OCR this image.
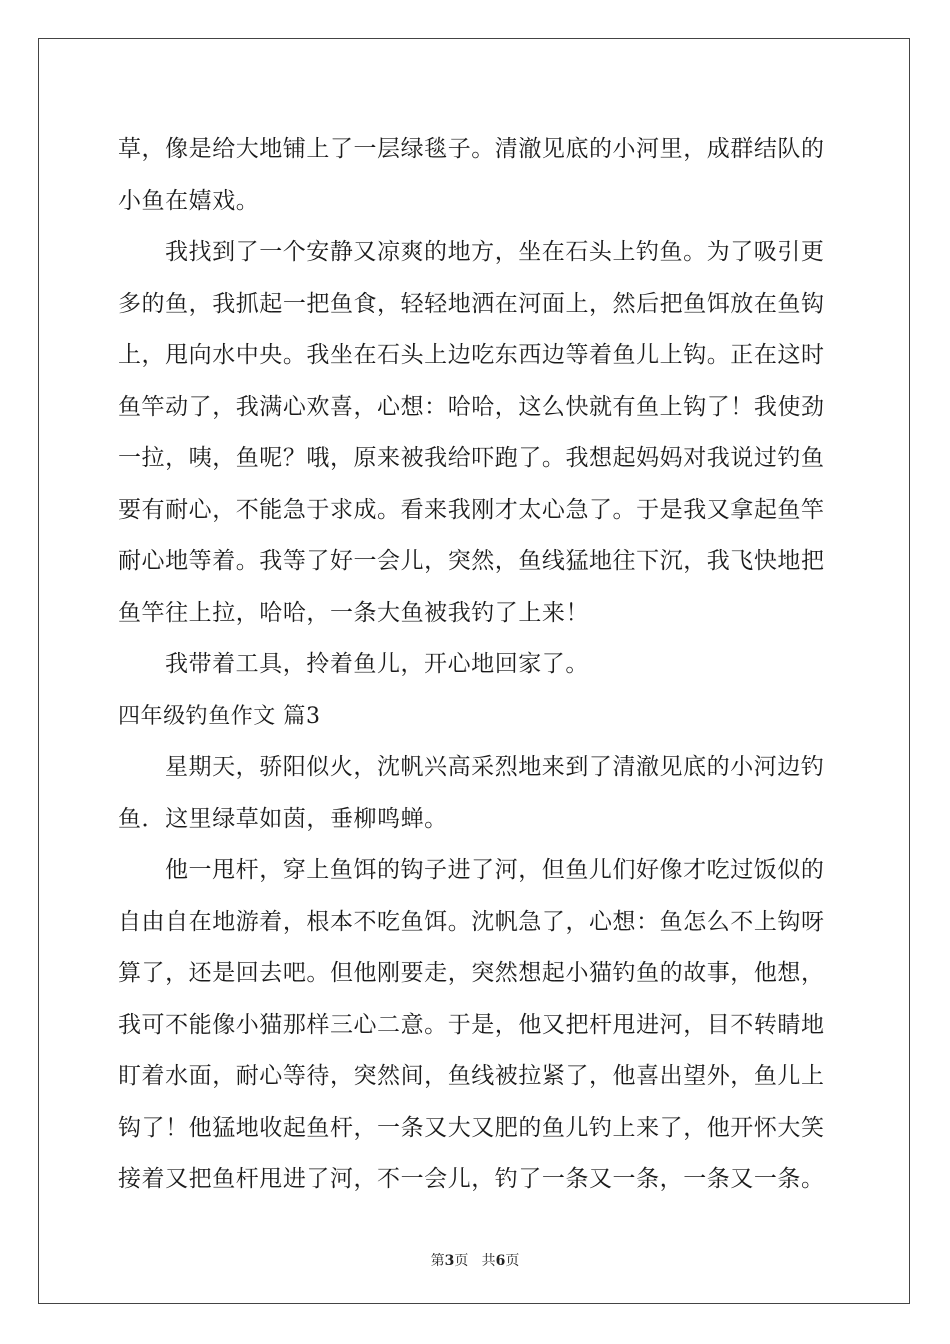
草，像是给大地铺上了一层绿毯子。清澈见底的小河里，成群结队的
小鱼在嬉戏。
我找到了一个安静又凉爽的地方，坐在石头上钓鱼。为了吸引更
多的鱼，我抓起一把鱼食，轻轻地洒在河面上，然后把鱼饵放在鱼钩
上，甩向水中央。我坐在石头上边吃东西边等着鱼儿上钩。正在这时
鱼竿动了，我满心欢喜，心想：哈哈，这么快就有鱼上钩了！我使劲
一拉，咦，鱼呢？哦，原来被我给吓跑了。我想起妈妈对我说过钓鱼
要有耐心，不能急于求成。看来我刚才太心急了。于是我又拿起鱼竿
耐心地等着。我等了好一会儿，突然，鱼线猛地往下沉，我飞快地把
鱼竿往上拉，哈哈，一条大鱼被我钓了上来！
我带着工具，拎着鱼儿，开心地回家了。
四年级钓鱼作文 篇3
星期天，骄阳似火，沈帆兴高采烈地来到了清澈见底的小河边钓
鱼．这里绿草如茵，垂柳鸣蝉。
他一甩杆，穿上鱼饵的钩子进了河，但鱼儿们好像才吃过饭似的
自由自在地游着，根本不吃鱼饵。沈帆急了，心想：鱼怎么不上钩呀
算了，还是回去吧。但他刚要走，突然想起小猫钓鱼的故事，他想，
我可不能像小猫那样三心二意。于是，他又把杆甩进河，目不转睛地
盯着水面，耐心等待，突然间，鱼线被拉紧了，他喜出望外，鱼儿上
钩了！他猛地收起鱼杆，一条又大又肥的鱼儿钓上来了，他开怀大笑
接着又把鱼杆甩进了河，不一会儿，钓了一条又一条，一条又一条。
第3页 共6页
